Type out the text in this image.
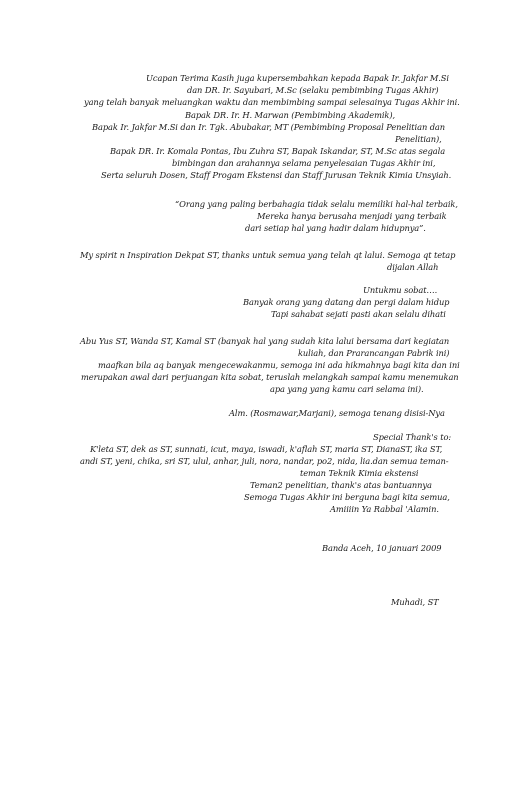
Ucapan Terima Kasih juga kupersembahkan kepada Bapak Ir. Jakfar M.Si
dan DR. Ir. Sayubari, M.Sc (selaku pembimbing Tugas Akhir)
yang telah banyak meluangkan waktu dan membimbing sampai selesainya Tugas Akhir ini.
Bapak DR. Ir. H. Marwan (Pembimbing Akademik),
Bapak Ir. Jakfar M.Si dan Ir. Tgk. Abubakar, MT (Pembimbing Proposal Penelitian dan
Penelitian),
Bapak DR. Ir. Komala Pontas, Ibu Zuhra ST, Bapak Iskandar, ST, M.Sc atas segala
bimbingan dan arahannya selama penyelesaian Tugas Akhir ini,
Serta seluruh Dosen, Staff Progam Ekstensi dan Staff Jurusan Teknik Kimia Unsyiah.
“Orang yang paling berbahagia tidak selalu memiliki hal-hal terbaik,
Mereka hanya berusaha menjadi yang terbaik
dari setiap hal yang hadir dalam hidupnya”.
My spirit n Inspiration Dekpat ST, thanks untuk semua yang telah qt lalui. Semoga qt tetap
dijalan Allah
Untukmu sobat….
Banyak orang yang datang dan pergi dalam hidup
Tapi sahabat sejati pasti akan selalu dihati
Abu Yus ST, Wanda ST, Kamal ST (banyak hal yang sudah kita lalui bersama dari kegiatan
kuliah, dan Prarancangan Pabrik ini)
maafkan bila aq banyak mengecewakanmu, semoga ini ada hikmahnya bagi kita dan ini
merupakan awal dari perjuangan kita sobat, teruslah melangkah sampai kamu menemukan
apa yang yang kamu cari selama ini).
Alm. (Rosmawar,Marjani), semoga tenang disisi-Nya
Special Thank's to:
K'leta ST, dek as ST, sunnati, icut, maya, iswadi, k'aflah ST, maria ST, DianaST, ika ST,
andi ST, yeni, chika, sri ST, ulul, anhar, juli, nora, nandar, po2, nida, lia.dan semua teman-
teman Teknik Kimia ekstensi
Teman2 penelitian, thank's atas bantuannya
Semoga Tugas Akhir ini berguna bagi kita semua,
Amiiiin Ya Rabbal 'Alamin.
Banda Aceh, 10 januari 2009
Muhadi, ST
